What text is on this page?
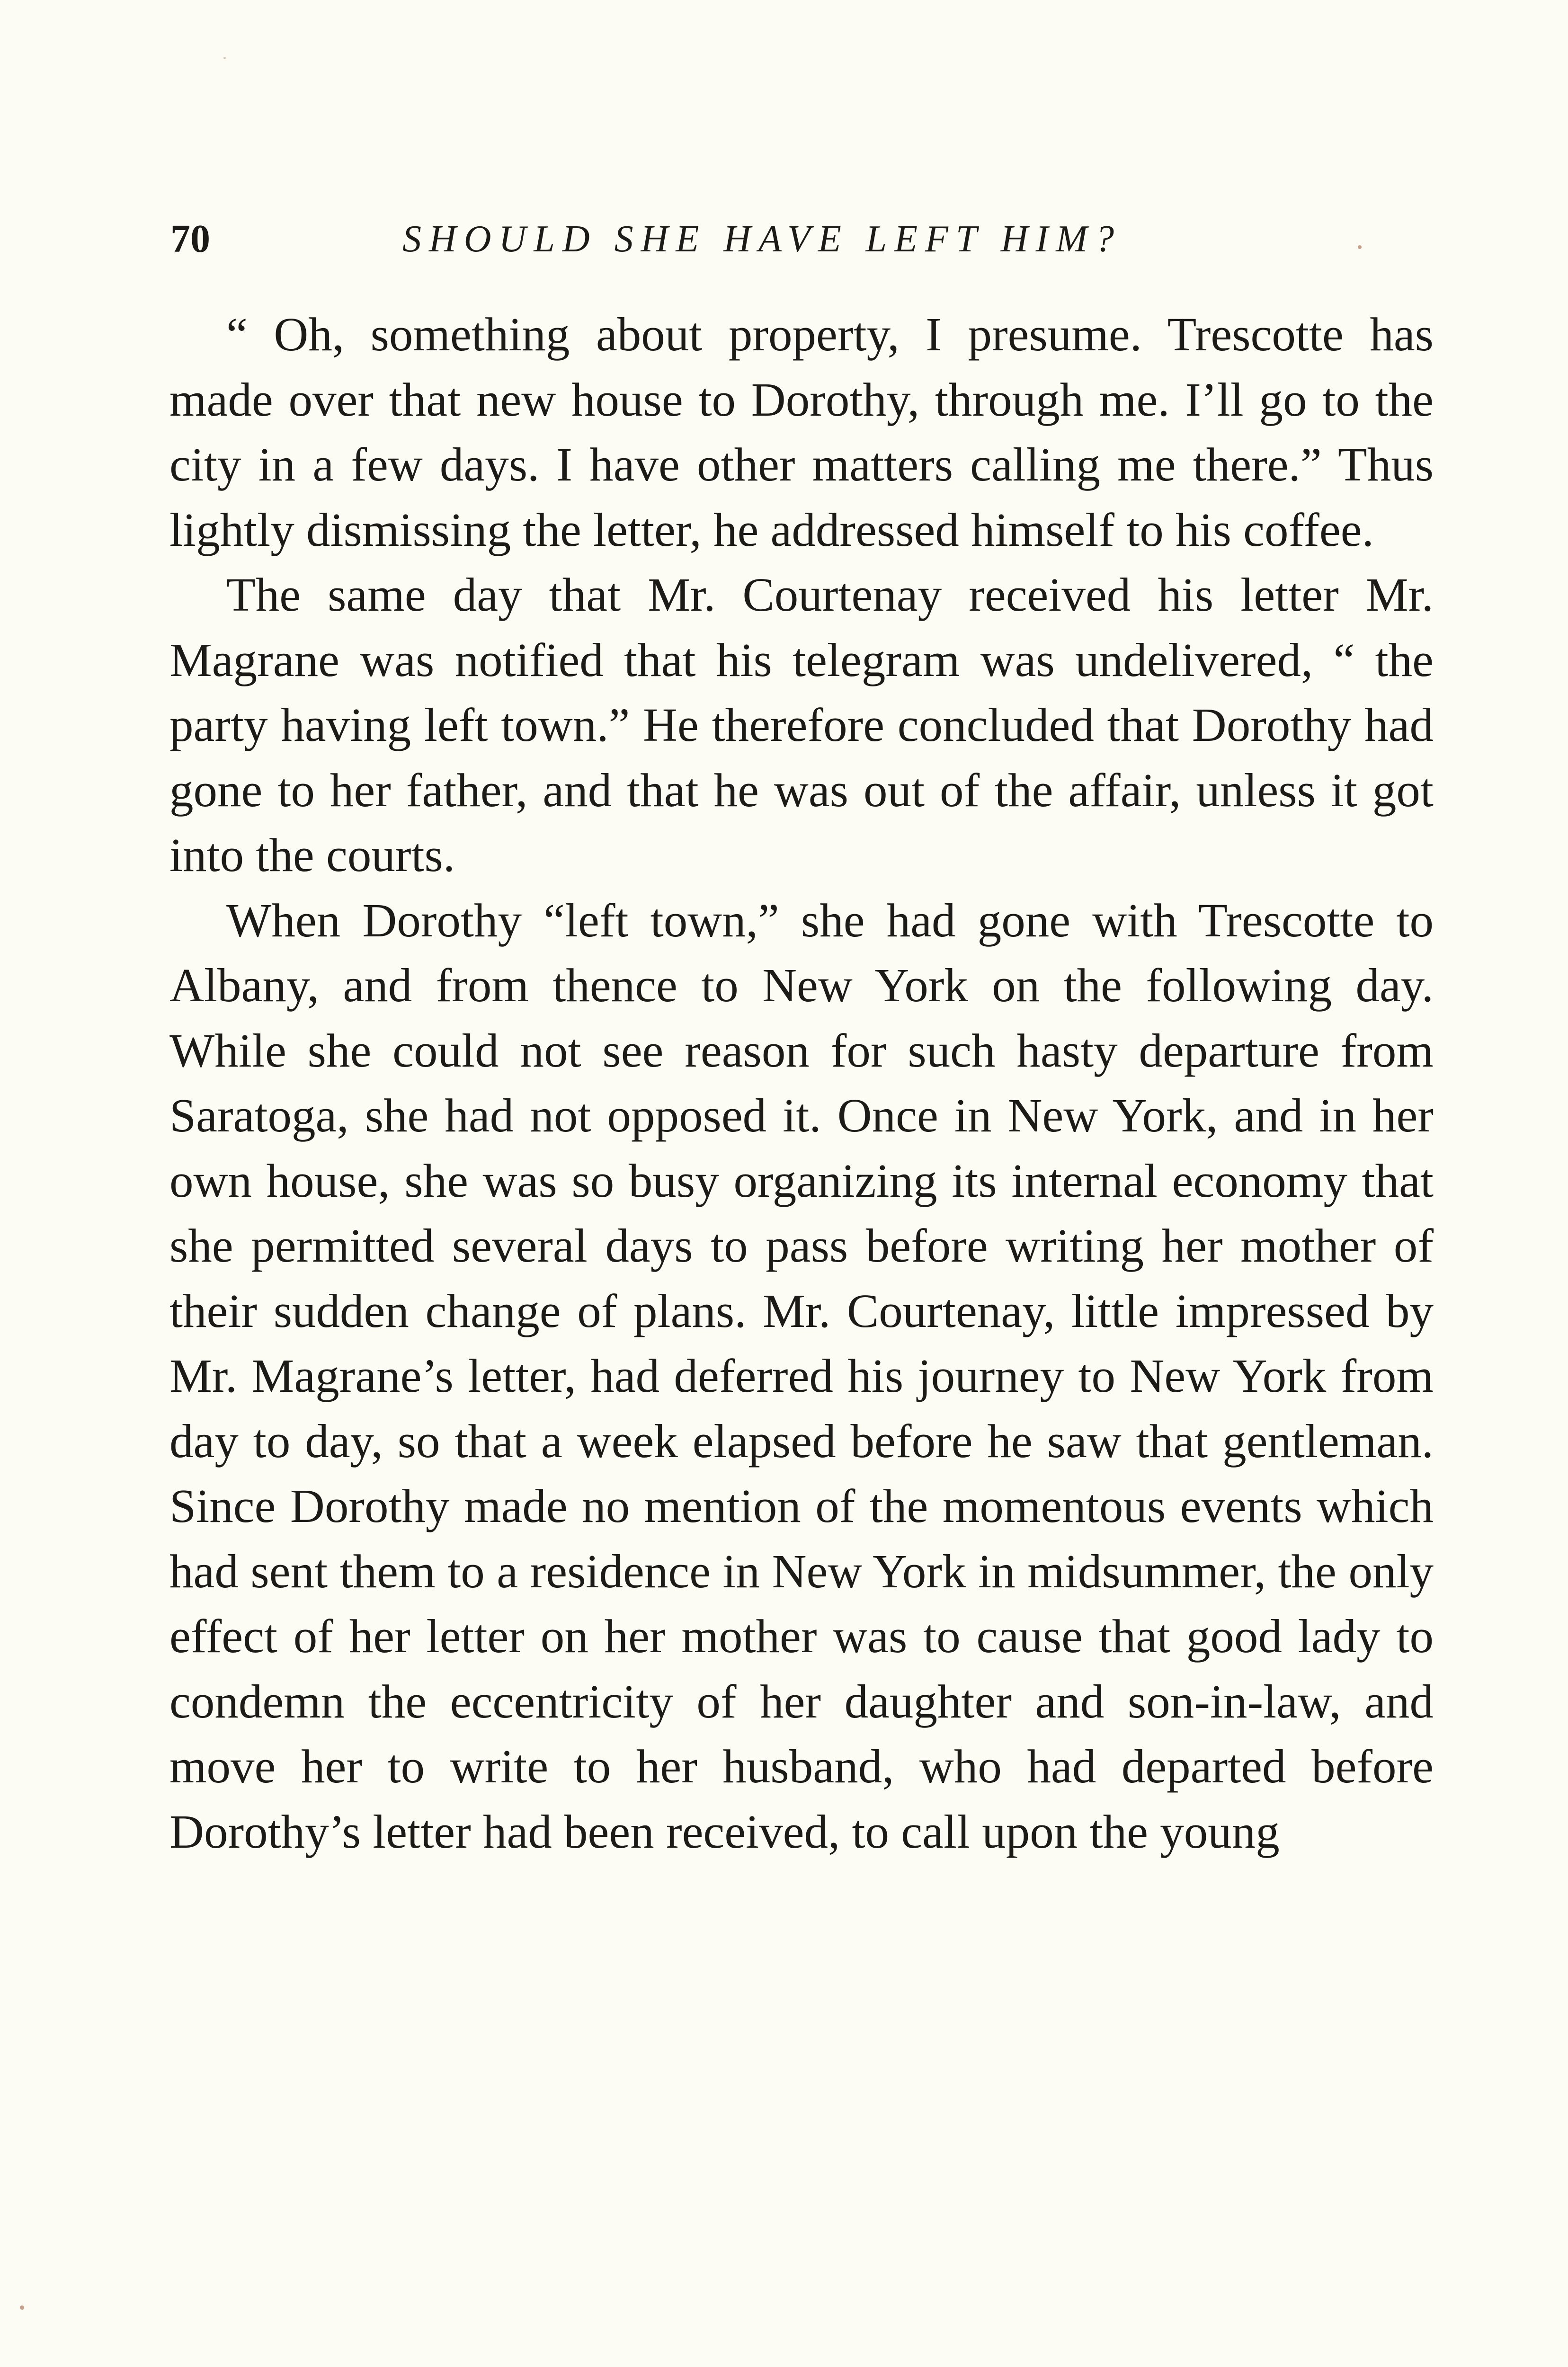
70	SHOULD SHE HAVE LEFT HIM?

“ Oh, something about property, I presume. Trescotte has made over that new house to Dorothy, through me. I’ll go to the city in a few days. I have other matters calling me there.” Thus lightly dismissing the letter, he addressed himself to his coffee.

The same day that Mr. Courtenay received his letter Mr. Magrane was notified that his telegram was undelivered, “ the party having left town.” He therefore concluded that Dorothy had gone to her father, and that he was out of the affair, unless it got into the courts.

When Dorothy “left town,” she had gone with Trescotte to Albany, and from thence to New York on the following day. While she could not see reason for such hasty departure from Saratoga, she had not opposed it. Once in New York, and in her own house, she was so busy organizing its internal economy that she permitted several days to pass before writing her mother of their sudden change of plans. Mr. Courtenay, little impressed by Mr. Magrane’s letter, had deferred his journey to New York from day to day, so that a week elapsed before he saw that gentleman. Since Dorothy made no mention of the momentous events which had sent them to a residence in New York in midsummer, the only effect of her letter on her mother was to cause that good lady to condemn the eccentricity of her daughter and son-in-law, and move her to write to her husband, who had departed before Dorothy’s letter had been received, to call upon the young
